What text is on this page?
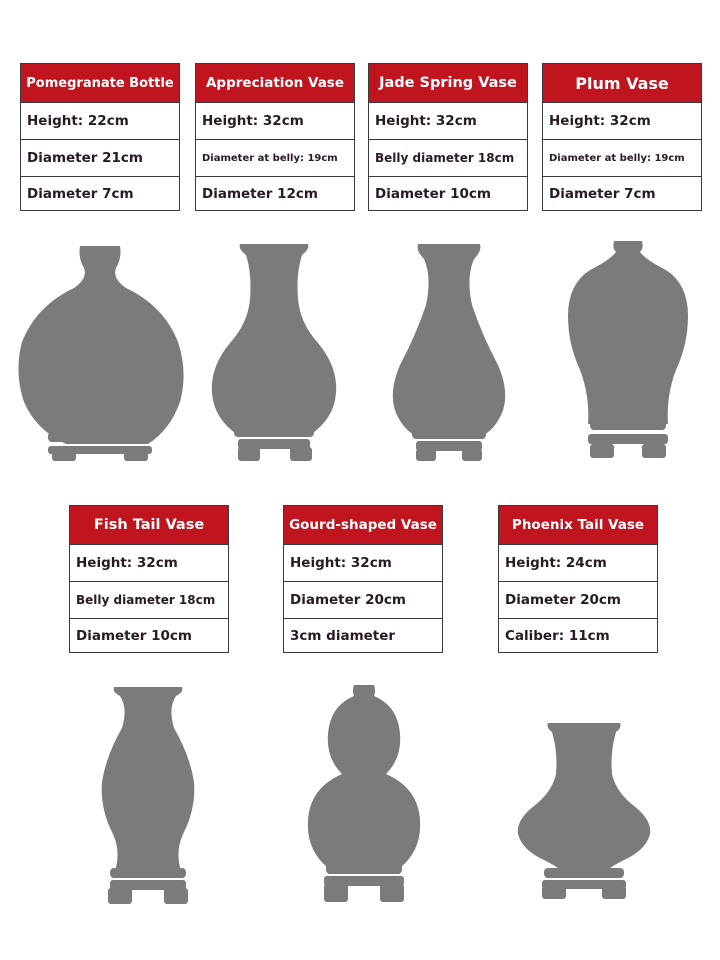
Pomegranate Bottle
Height: 22cm
Diameter 21cm
Diameter 7cm
Appreciation Vase
Height: 32cm
Diameter at belly: 19cm
Diameter 12cm
Jade Spring Vase
Height: 32cm
Belly diameter 18cm
Diameter 10cm
Plum Vase
Height: 32cm
Diameter at belly: 19cm
Diameter 7cm
Fish Tail Vase
Height: 32cm
Belly diameter 18cm
Diameter 10cm
Gourd-shaped Vase
Height: 32cm
Diameter 20cm
3cm diameter
Phoenix Tail Vase
Height: 24cm
Diameter 20cm
Caliber: 11cm
